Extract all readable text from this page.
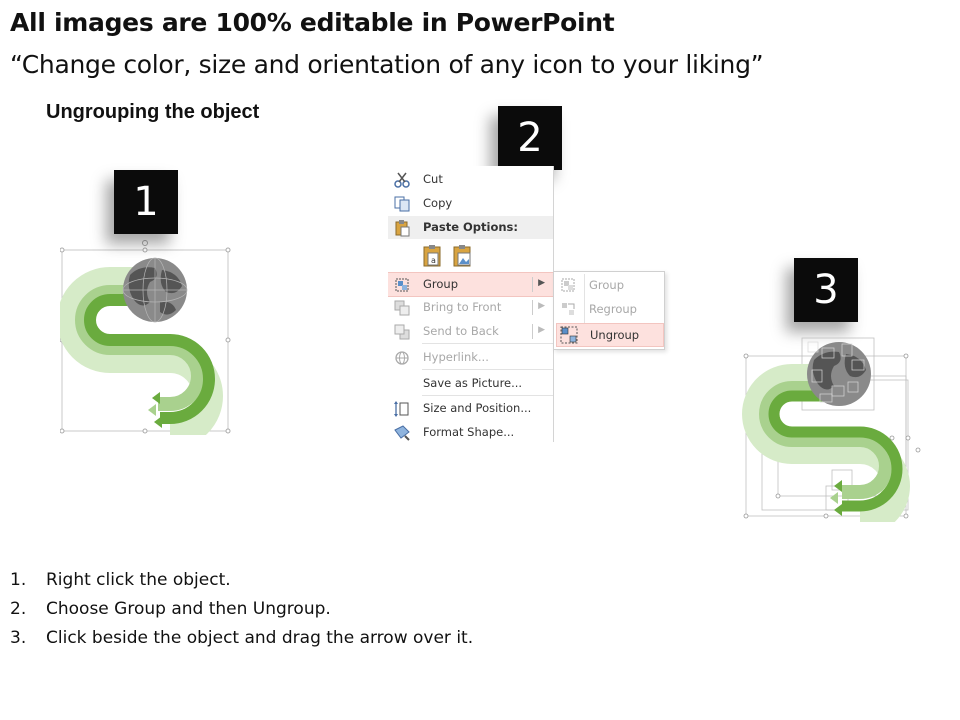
All images are 100% editable in PowerPoint
“Change color, size and orientation of any icon to your liking”
Ungrouping the object
1
2
3
Cut
Copy
Paste Options:
a
Group	▶
Bring to Front	▶
Send to Back	▶
Hyperlink...
Save as Picture...
Size and Position...
Format Shape...
Group
Regroup
Ungroup
1.	Right click the object.
2.	Choose Group and then Ungroup.
3.	Click beside the object and drag the arrow over it.
